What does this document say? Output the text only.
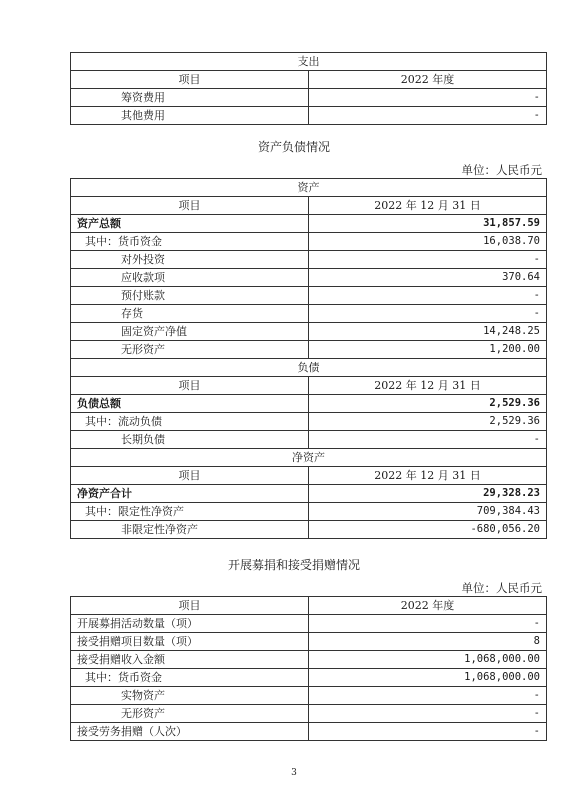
支出	
项目	2022 年度
筹资费用	-
其他费用	-
资产负债情况
单位：人民币元
资产	
项目	2022 年 12 月 31 日
资产总额	31,857.59
其中：货币资金	16,038.70
对外投资	-
应收款项	370.64
预付账款	-
存货	-
固定资产净值	14,248.25
无形资产	1,200.00
负债	
项目	2022 年 12 月 31 日
负债总额	2,529.36
其中：流动负债	2,529.36
长期负债	-
净资产	
项目	2022 年 12 月 31 日
净资产合计	29,328.23
其中：限定性净资产	709,384.43
非限定性净资产	-680,056.20
开展募捐和接受捐赠情况
单位：人民币元
项目	2022 年度
开展募捐活动数量（项）	-
接受捐赠项目数量（项）	8
接受捐赠收入金额	1,068,000.00
其中：货币资金	1,068,000.00
实物资产	-
无形资产	-
接受劳务捐赠（人次）	-
3
